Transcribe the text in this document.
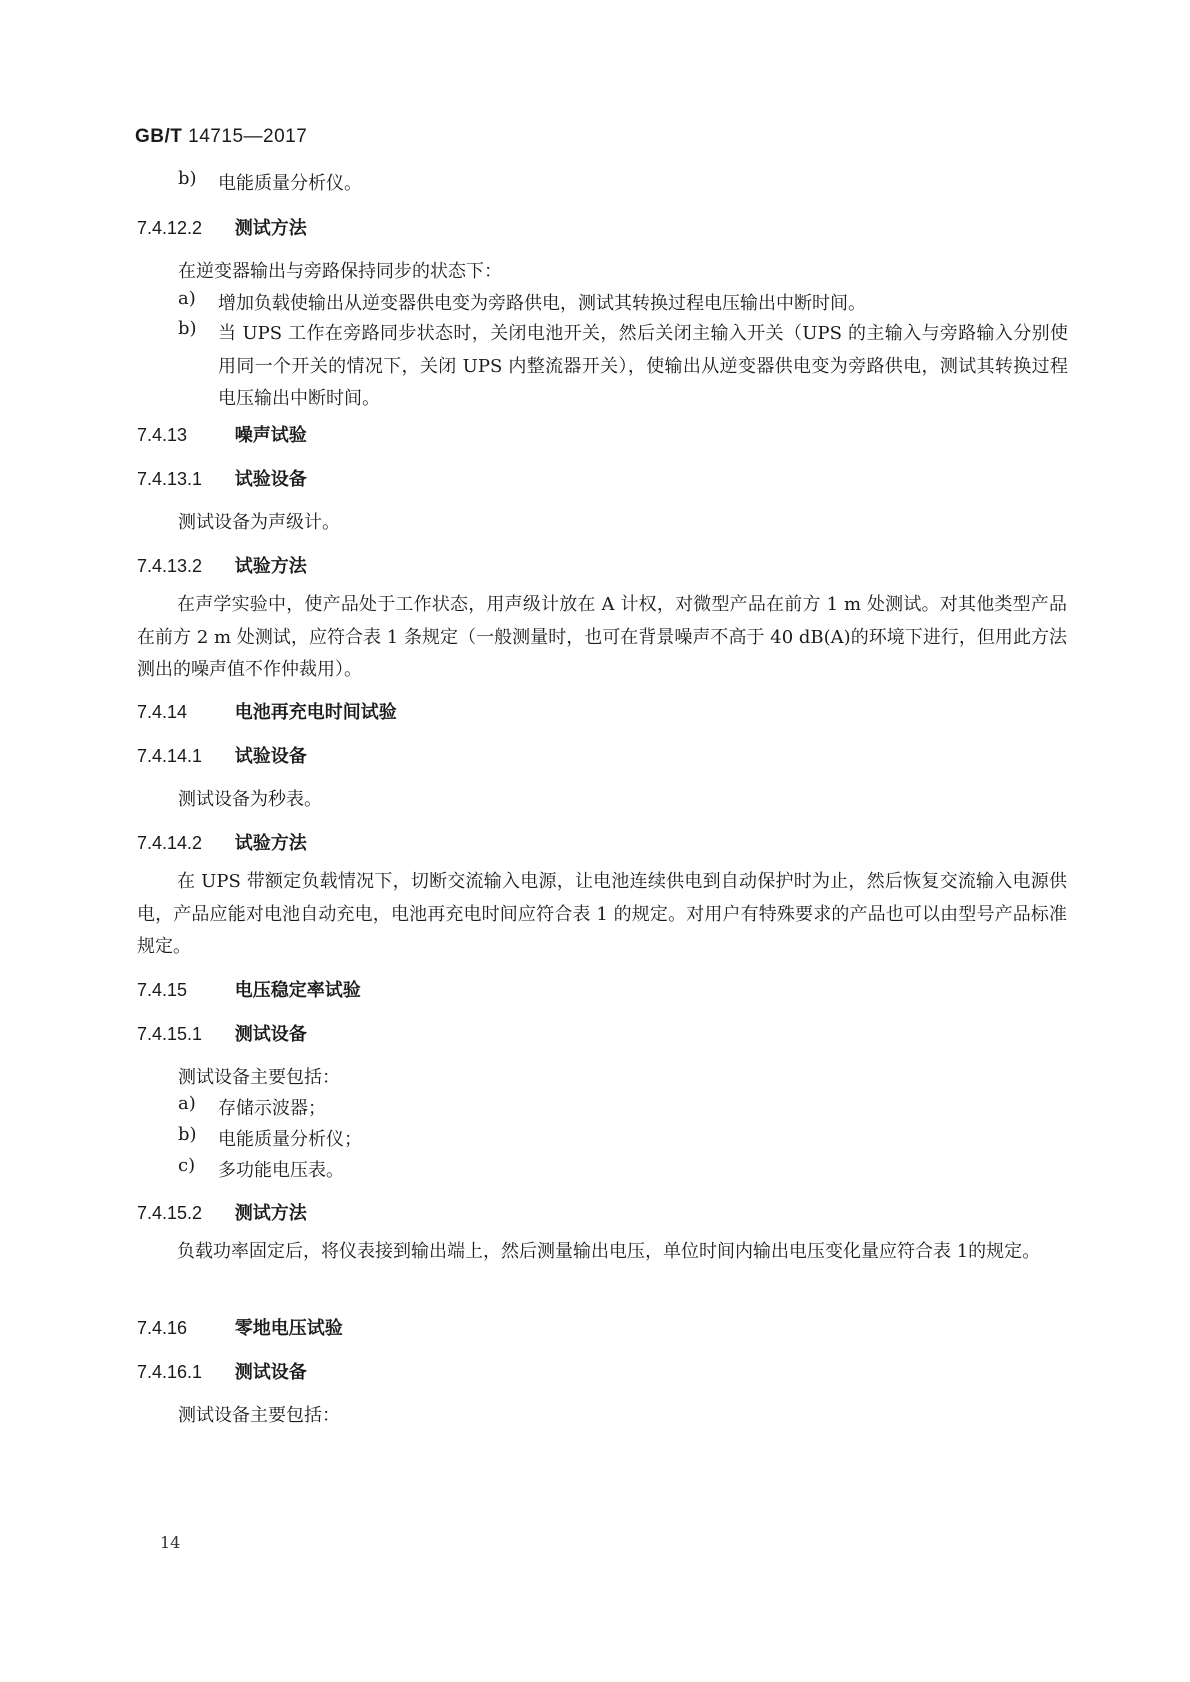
GB/T 14715—2017
b)	电能质量分析仪。
7.4.12.2 测试方法
在逆变器输出与旁路保持同步的状态下：
a)	增加负载使输出从逆变器供电变为旁路供电，测试其转换过程电压输出中断时间。
b)	当 UPS 工作在旁路同步状态时，关闭电池开关，然后关闭主输入开关（UPS 的主输入与旁路输入分别使用同一个开关的情况下，关闭 UPS 内整流器开关），使输出从逆变器供电变为旁路供电，测试其转换过程电压输出中断时间。
7.4.13	噪声试验
7.4.13.1 试验设备
测试设备为声级计。
7.4.13.2 试验方法
在声学实验中，使产品处于工作状态，用声级计放在 A 计权，对微型产品在前方 1 m 处测试。对其他类型产品在前方 2 m 处测试，应符合表 1 条规定（一般测量时，也可在背景噪声不高于 40 dB(A)的环境下进行，但用此方法测出的噪声值不作仲裁用）。
7.4.14	电池再充电时间试验
7.4.14.1 试验设备
测试设备为秒表。
7.4.14.2 试验方法
在 UPS 带额定负载情况下，切断交流输入电源，让电池连续供电到自动保护时为止，然后恢复交流输入电源供电，产品应能对电池自动充电，电池再充电时间应符合表 1 的规定。对用户有特殊要求的产品也可以由型号产品标准规定。
7.4.15	电压稳定率试验
7.4.15.1 测试设备
测试设备主要包括：
a)	存储示波器；
b)	电能质量分析仪；
c)	多功能电压表。
7.4.15.2 测试方法
负载功率固定后，将仪表接到输出端上，然后测量输出电压，单位时间内输出电压变化量应符合表 1的规定。
7.4.16	零地电压试验
7.4.16.1 测试设备
测试设备主要包括：
14
